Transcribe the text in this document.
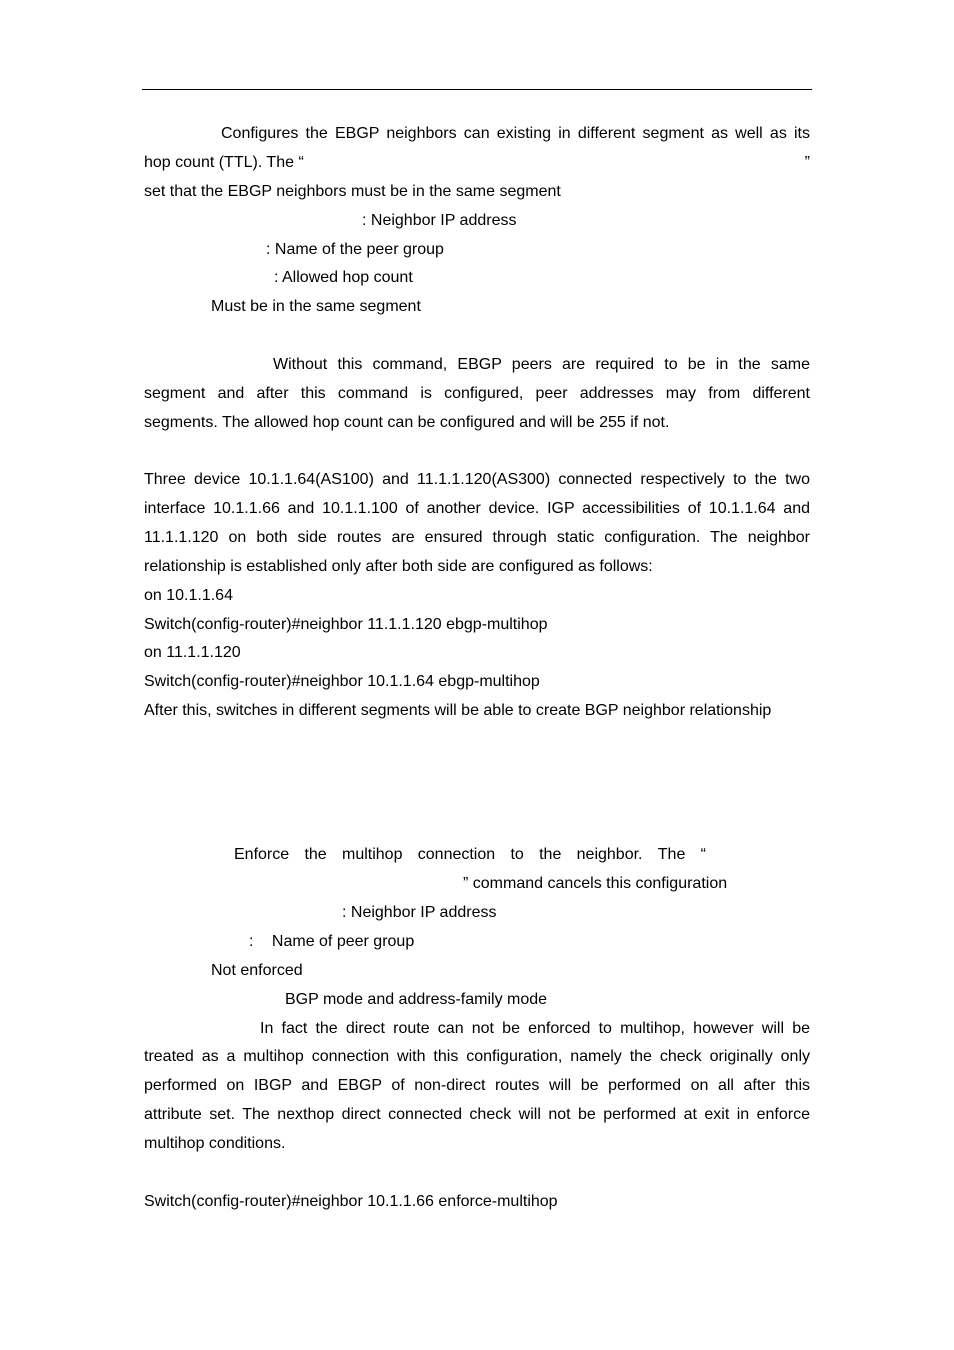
Configures the EBGP neighbors can existing in different segment as well as its
hop count (TTL). The “	”
set that the EBGP neighbors must be in the same segment
: Neighbor IP address
: Name of the peer group
: Allowed hop count
Must be in the same segment
Without this command, EBGP peers are required to be in the same
segment and after this command is configured, peer addresses may from different
segments. The allowed hop count can be configured and will be 255 if not.
Three device 10.1.1.64(AS100) and 11.1.1.120(AS300) connected respectively to the two
interface 10.1.1.66 and 10.1.1.100 of another device. IGP accessibilities of 10.1.1.64 and
11.1.1.120 on both side routes are ensured through static configuration. The neighbor
relationship is established only after both side are configured as follows:
on 10.1.1.64
Switch(config-router)#neighbor 11.1.1.120 ebgp-multihop
on 11.1.1.120
Switch(config-router)#neighbor 10.1.1.64 ebgp-multihop
After this, switches in different segments will be able to create BGP neighbor relationship
Enforce the multihop connection to the neighbor. The “
” command cancels this configuration
: Neighbor IP address
: Name of peer group
Not enforced
BGP mode and address-family mode
In fact the direct route can not be enforced to multihop, however will be
treated as a multihop connection with this configuration, namely the check originally only
performed on IBGP and EBGP of non-direct routes will be performed on all after this
attribute set. The nexthop direct connected check will not be performed at exit in enforce
multihop conditions.
Switch(config-router)#neighbor 10.1.1.66 enforce-multihop
